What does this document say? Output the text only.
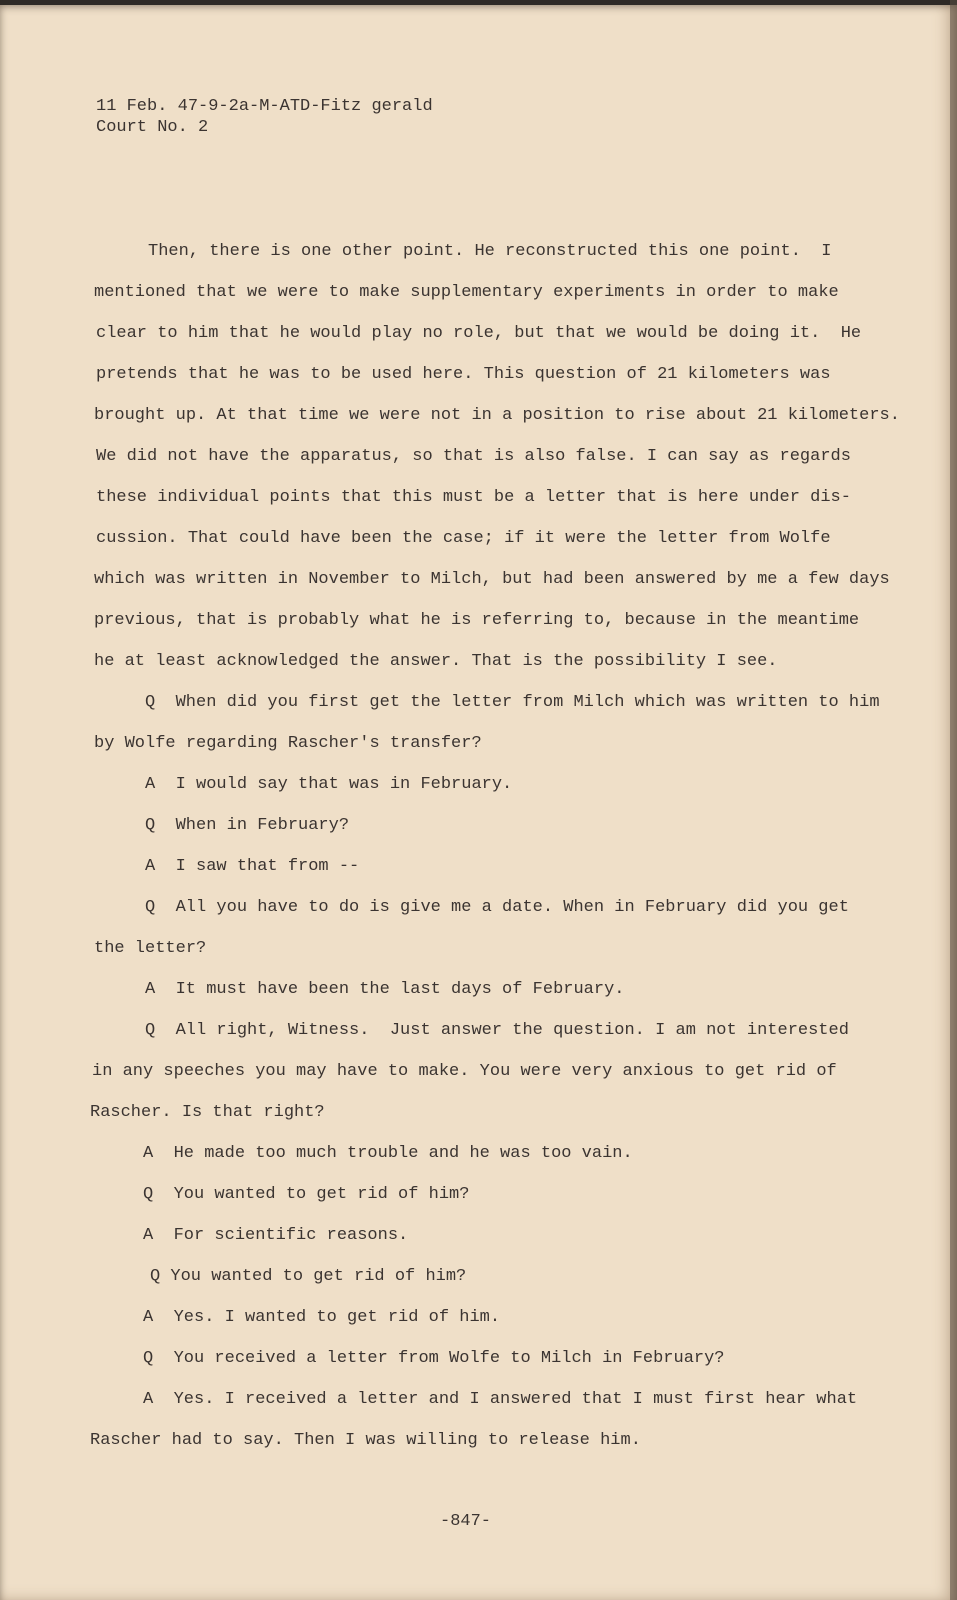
11 Feb. 47-9-2a-M-ATD-Fitz gerald
Court No. 2
Then, there is one other point. He reconstructed this one point.  I
mentioned that we were to make supplementary experiments in order to make
clear to him that he would play no role, but that we would be doing it.  He
pretends that he was to be used here. This question of 21 kilometers was
brought up. At that time we were not in a position to rise about 21 kilometers.
We did not have the apparatus, so that is also false. I can say as regards
these individual points that this must be a letter that is here under dis-
cussion. That could have been the case; if it were the letter from Wolfe
which was written in November to Milch, but had been answered by me a few days
previous, that is probably what he is referring to, because in the meantime
he at least acknowledged the answer. That is the possibility I see.
Q  When did you first get the letter from Milch which was written to him
by Wolfe regarding Rascher's transfer?
A  I would say that was in February.
Q  When in February?
A  I saw that from --
Q  All you have to do is give me a date. When in February did you get
the letter?
A  It must have been the last days of February.
Q  All right, Witness.  Just answer the question. I am not interested
in any speeches you may have to make. You were very anxious to get rid of
Rascher. Is that right?
A  He made too much trouble and he was too vain.
Q  You wanted to get rid of him?
A  For scientific reasons.
Q You wanted to get rid of him?
A  Yes. I wanted to get rid of him.
Q  You received a letter from Wolfe to Milch in February?
A  Yes. I received a letter and I answered that I must first hear what
Rascher had to say. Then I was willing to release him.
-847-
